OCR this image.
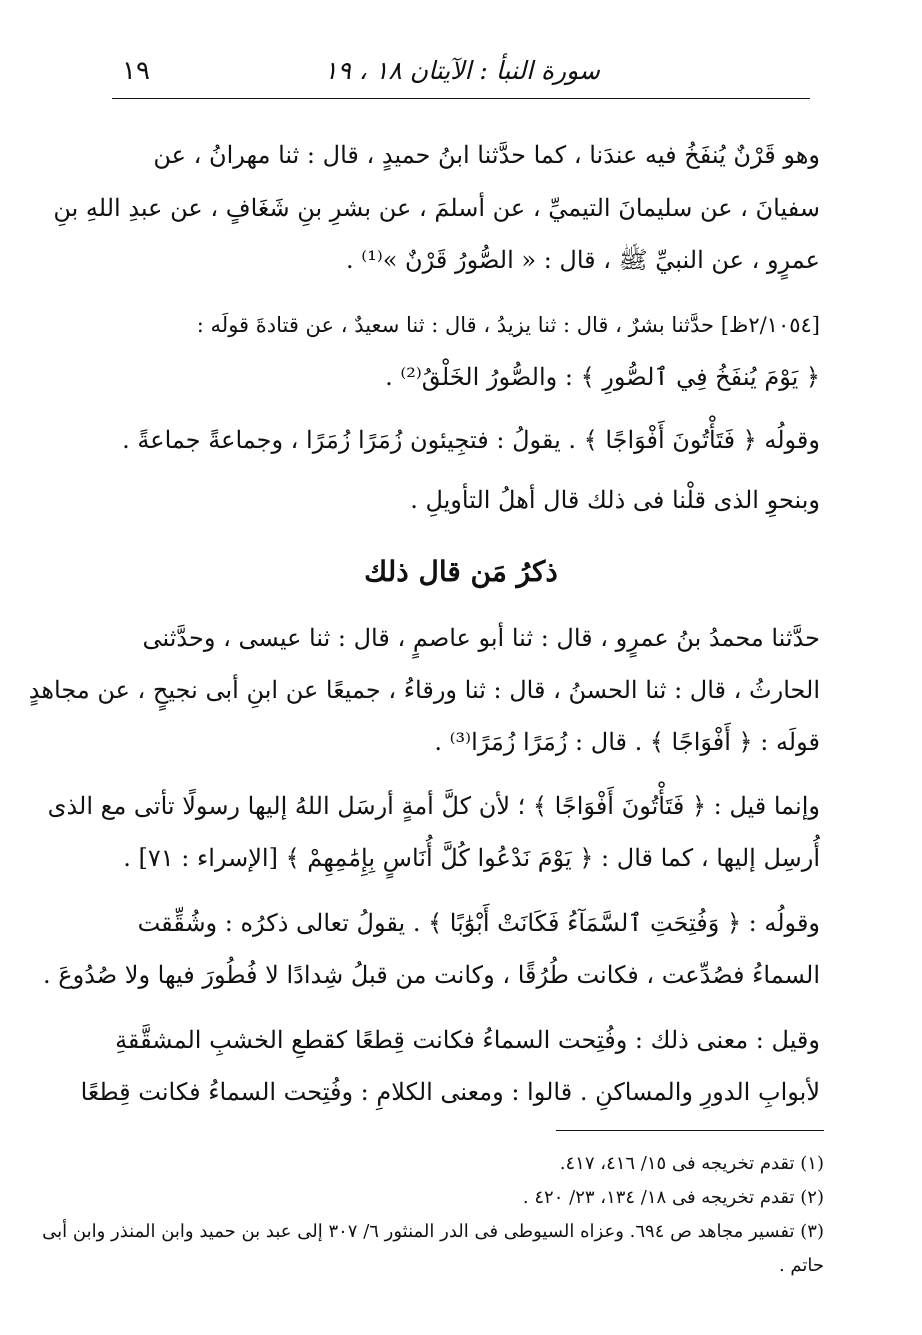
١٩	سورة النبأ : الآيتان ١٨ ، ١٩
وهو قَرْنٌ يُنفَخُ فيه عندَنا ، كما حدَّثنا ابنُ حميدٍ ، قال : ثنا مهرانُ ، عن
سفيانَ ، عن سليمانَ التيميِّ ، عن أسلمَ ، عن بشرِ بنِ شَغَافٍ ، عن عبدِ اللهِ بنِ
عمرٍو ، عن النبيِّ ﷺ ، قال : « الصُّورُ قَرْنٌ »⁽¹⁾ .
[٢/١٠٥٤ظ] حدَّثنا بشرٌ ، قال : ثنا يزيدُ ، قال : ثنا سعيدٌ ، عن قتادةَ قولَه :
﴿ يَوْمَ يُنفَخُ فِي ٱلصُّورِ ﴾ : والصُّورُ الخَلْقُ⁽²⁾ .
وقولُه ﴿ فَتَأْتُونَ أَفْوَاجًا ﴾ . يقولُ : فتجِيئون زُمَرًا زُمَرًا ، وجماعةً جماعةً .
وبنحوِ الذى قلْنا فى ذلك قال أهلُ التأويلِ .
ذكرُ مَن قال ذلك
حدَّثنا محمدُ بنُ عمرٍو ، قال : ثنا أبو عاصمٍ ، قال : ثنا عيسى ، وحدَّثنى
الحارثُ ، قال : ثنا الحسنُ ، قال : ثنا ورقاءُ ، جميعًا عن ابنِ أبى نجيحٍ ، عن مجاهدٍ
قولَه : ﴿ أَفْوَاجًا ﴾ . قال : زُمَرًا زُمَرًا⁽³⁾ .
وإنما قيل : ﴿ فَتَأْتُونَ أَفْوَاجًا ﴾ ؛ لأن كلَّ أمةٍ أرسَل اللهُ إليها رسولًا تأتى مع الذى
أُرسِل إليها ، كما قال : ﴿ يَوْمَ نَدْعُوا كُلَّ أُنَاسٍ بِإِمَٰمِهِمْ ﴾ [الإسراء : ٧١] .
وقولُه : ﴿ وَفُتِحَتِ ٱلسَّمَآءُ فَكَانَتْ أَبْوَٰبًا ﴾ . يقولُ تعالى ذكرُه : وشُقِّقت
السماءُ فصُدِّعت ، فكانت طُرُقًا ، وكانت من قبلُ شِدادًا لا فُطُورَ فيها ولا صُدُوعَ .
وقيل : معنى ذلك : وفُتِحت السماءُ فكانت قِطعًا كقطعِ الخشبِ المشقَّقةِ
لأبوابِ الدورِ والمساكنِ . قالوا : ومعنى الكلامِ : وفُتِحت السماءُ فكانت قِطعًا
(١) تقدم تخريجه فى ١٥/ ٤١٦، ٤١٧.
(٢) تقدم تخريجه فى ١٨/ ١٣٤، ٢٣/ ٤٢٠ .
(٣) تفسير مجاهد ص ٦٩٤. وعزاه السيوطى فى الدر المنثور ٦/ ٣٠٧ إلى عبد بن حميد وابن المنذر وابن أبى
حاتم .
